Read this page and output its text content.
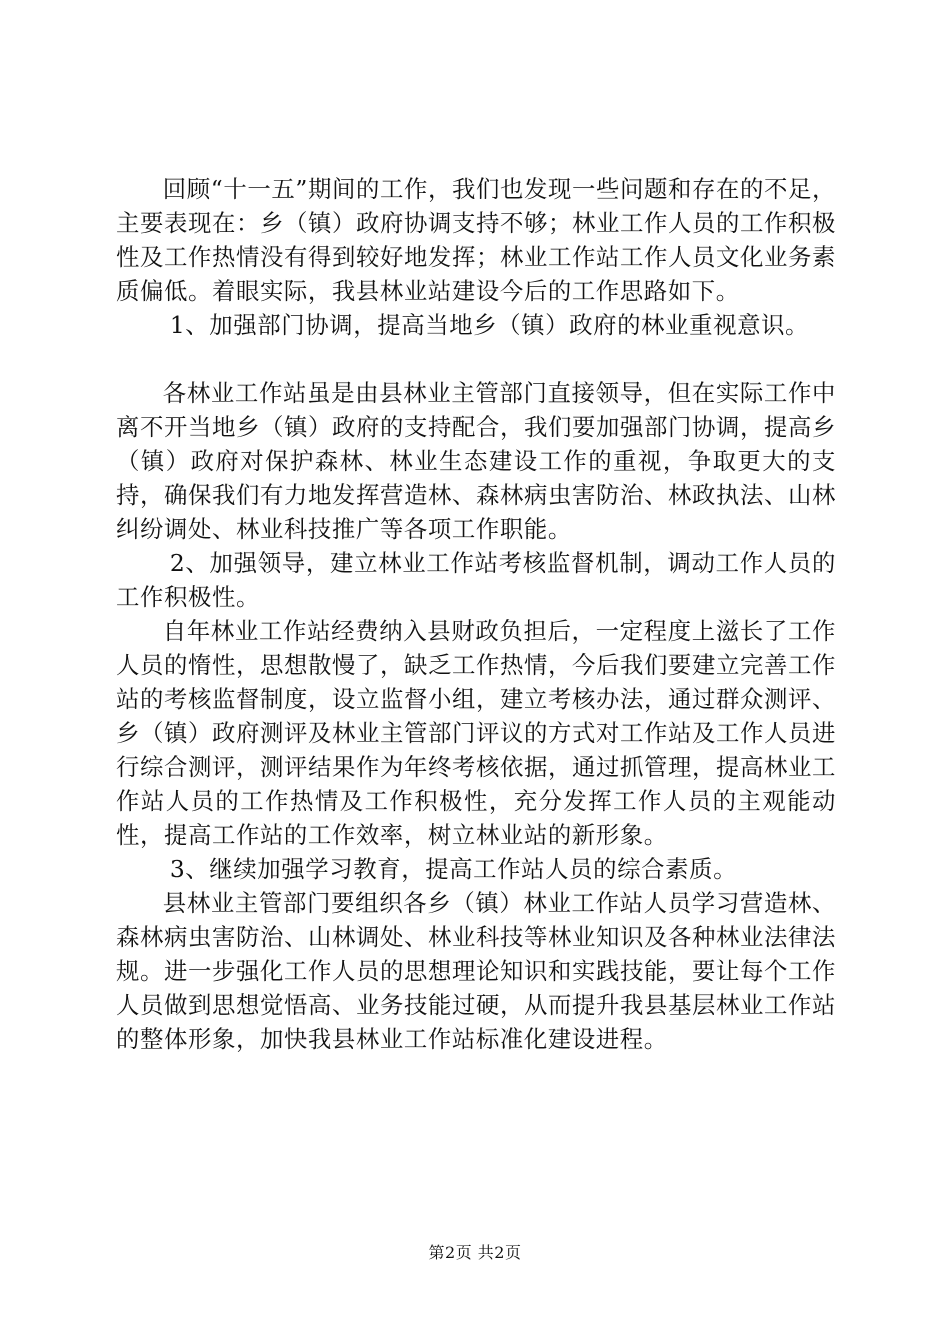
回顾“十一五”期间的工作，我们也发现一些问题和存在的不足，主要表现在：乡（镇）政府协调支持不够；林业工作人员的工作积极性及工作热情没有得到较好地发挥；林业工作站工作人员文化业务素质偏低。着眼实际，我县林业站建设今后的工作思路如下。

1、加强部门协调，提高当地乡（镇）政府的林业重视意识。

各林业工作站虽是由县林业主管部门直接领导，但在实际工作中离不开当地乡（镇）政府的支持配合，我们要加强部门协调，提高乡（镇）政府对保护森林、林业生态建设工作的重视，争取更大的支持，确保我们有力地发挥营造林、森林病虫害防治、林政执法、山林纠纷调处、林业科技推广等各项工作职能。

2、加强领导，建立林业工作站考核监督机制，调动工作人员的工作积极性。

自年林业工作站经费纳入县财政负担后，一定程度上滋长了工作人员的惰性，思想散慢了，缺乏工作热情，今后我们要建立完善工作站的考核监督制度，设立监督小组，建立考核办法，通过群众测评、乡（镇）政府测评及林业主管部门评议的方式对工作站及工作人员进行综合测评，测评结果作为年终考核依据，通过抓管理，提高林业工作站人员的工作热情及工作积极性，充分发挥工作人员的主观能动性，提高工作站的工作效率，树立林业站的新形象。

3、继续加强学习教育，提高工作站人员的综合素质。

县林业主管部门要组织各乡（镇）林业工作站人员学习营造林、森林病虫害防治、山林调处、林业科技等林业知识及各种林业法律法规。进一步强化工作人员的思想理论知识和实践技能，要让每个工作人员做到思想觉悟高、业务技能过硬，从而提升我县基层林业工作站的整体形象，加快我县林业工作站标准化建设进程。

第2页 共2页
